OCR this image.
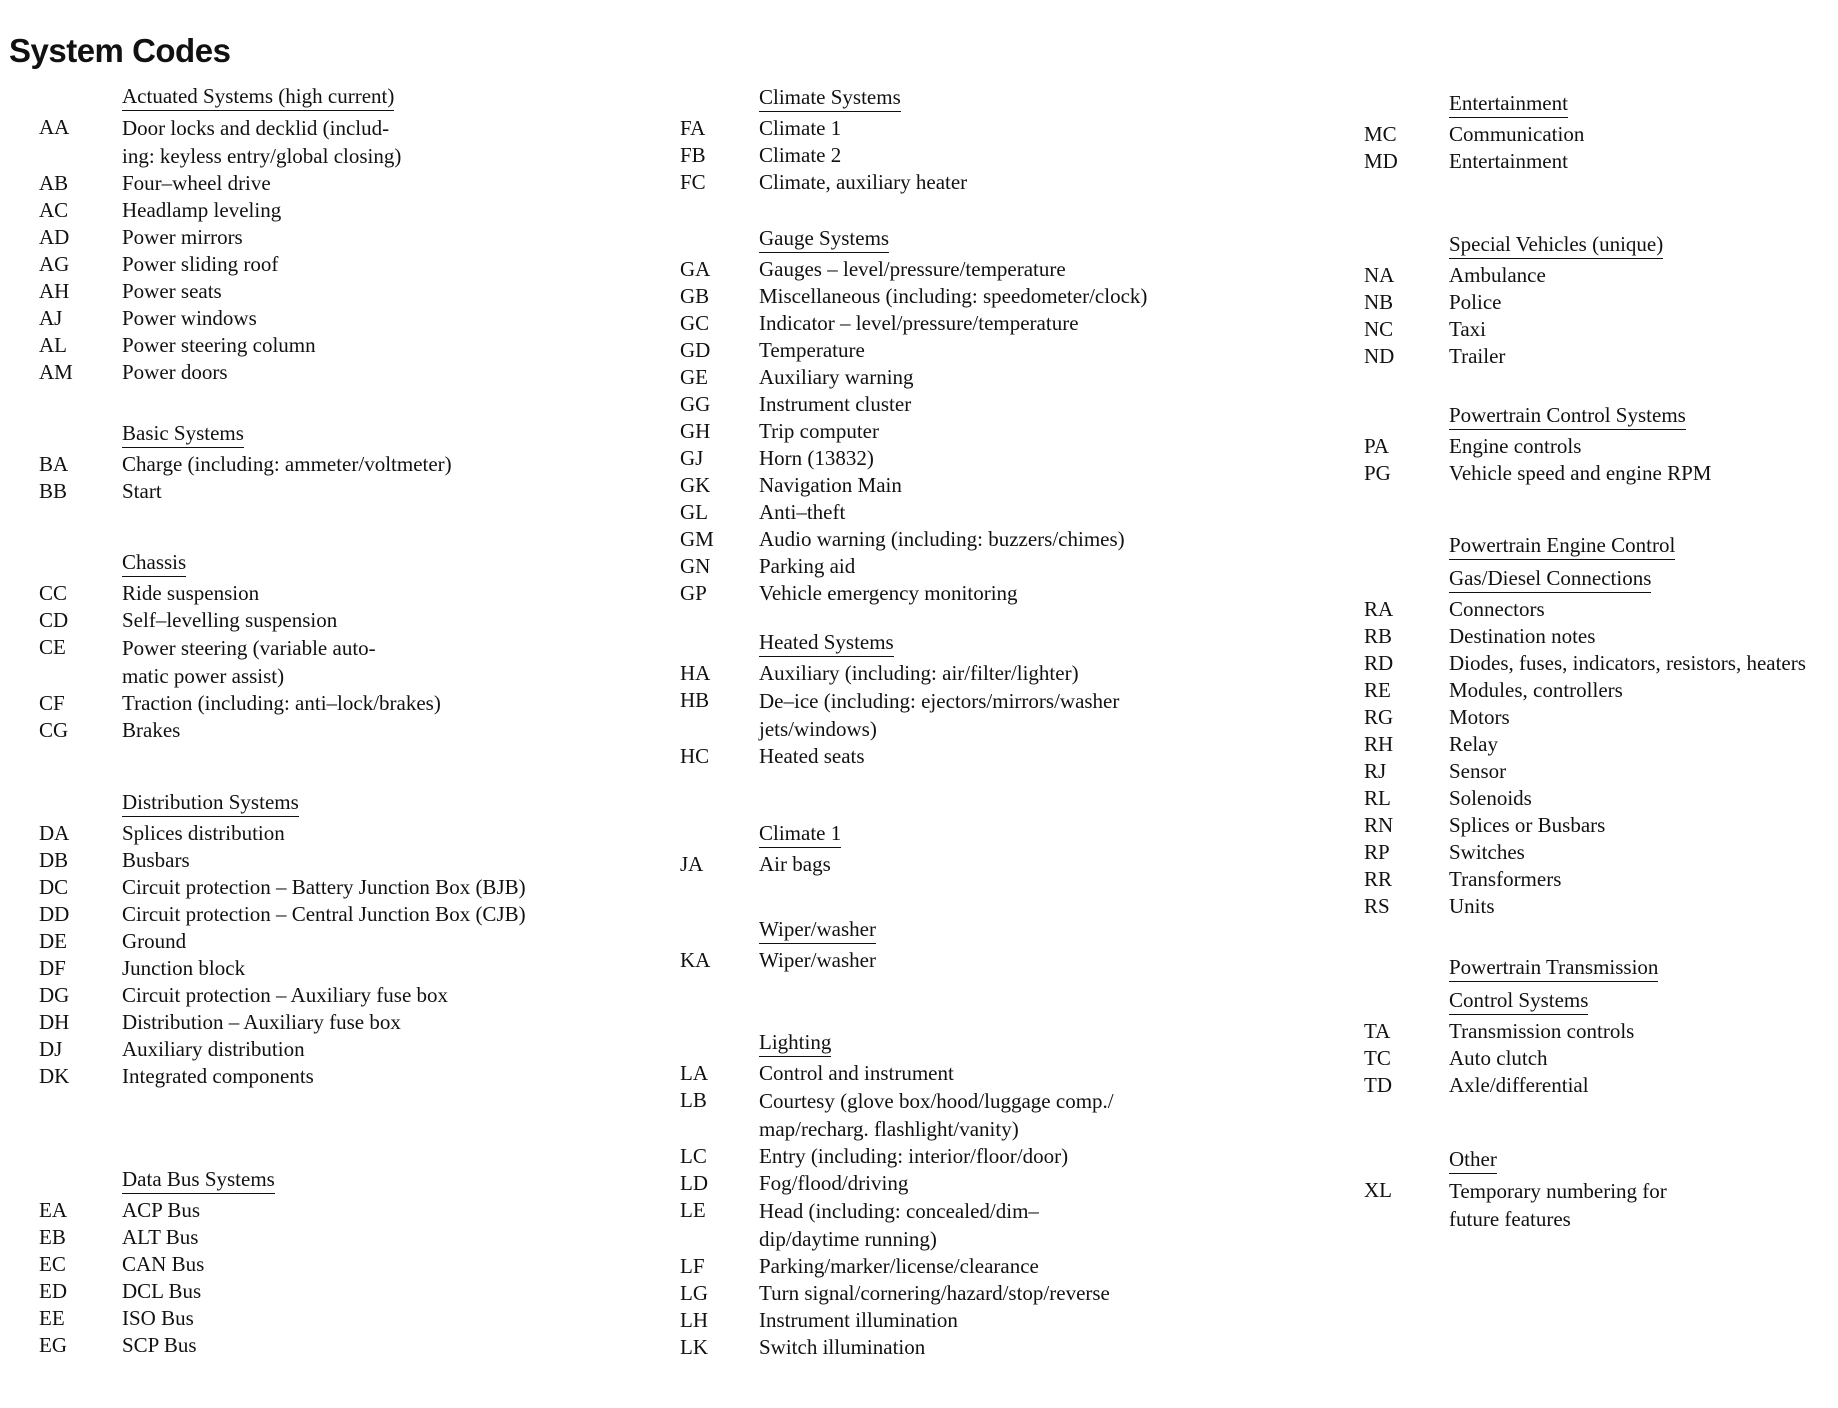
System Codes
Actuated Systems (high current)
AA	Door locks and decklid (includ-
ing: keyless entry/global closing)
AB	Four–wheel drive
AC	Headlamp leveling
AD	Power mirrors
AG	Power sliding roof
AH	Power seats
AJ	Power windows
AL	Power steering column
AM	Power doors
Basic Systems
BA	Charge (including: ammeter/voltmeter)
BB	Start
Chassis
CC	Ride suspension
CD	Self–levelling suspension
CE	Power steering (variable auto-
matic power assist)
CF	Traction (including: anti–lock/brakes)
CG	Brakes
Distribution Systems
DA	Splices distribution
DB	Busbars
DC	Circuit protection – Battery Junction Box (BJB)
DD	Circuit protection – Central Junction Box (CJB)
DE	Ground
DF	Junction block
DG	Circuit protection – Auxiliary fuse box
DH	Distribution – Auxiliary fuse box
DJ	Auxiliary distribution
DK	Integrated components
Data Bus Systems
EA	ACP Bus
EB	ALT Bus
EC	CAN Bus
ED	DCL Bus
EE	ISO Bus
EG	SCP Bus
Climate Systems
FA	Climate 1
FB	Climate 2
FC	Climate, auxiliary heater
Gauge Systems
GA	Gauges – level/pressure/temperature
GB	Miscellaneous (including: speedometer/clock)
GC	Indicator – level/pressure/temperature
GD	Temperature
GE	Auxiliary warning
GG	Instrument cluster
GH	Trip computer
GJ	Horn (13832)
GK	Navigation Main
GL	Anti–theft
GM	Audio warning (including: buzzers/chimes)
GN	Parking aid
GP	Vehicle emergency monitoring
Heated Systems
HA	Auxiliary (including: air/filter/lighter)
HB	De–ice (including: ejectors/mirrors/washer
jets/windows)
HC	Heated seats
Climate 1
JA	Air bags
Wiper/washer
KA	Wiper/washer
Lighting
LA	Control and instrument
LB	Courtesy (glove box/hood/luggage comp./
map/recharg. flashlight/vanity)
LC	Entry (including: interior/floor/door)
LD	Fog/flood/driving
LE	Head (including: concealed/dim–
dip/daytime running)
LF	Parking/marker/license/clearance
LG	Turn signal/cornering/hazard/stop/reverse
LH	Instrument illumination
LK	Switch illumination
Entertainment
MC	Communication
MD	Entertainment
Special Vehicles (unique)
NA	Ambulance
NB	Police
NC	Taxi
ND	Trailer
Powertrain Control Systems
PA	Engine controls
PG	Vehicle speed and engine RPM
Powertrain Engine Control
Gas/Diesel Connections
RA	Connectors
RB	Destination notes
RD	Diodes, fuses, indicators, resistors, heaters
RE	Modules, controllers
RG	Motors
RH	Relay
RJ	Sensor
RL	Solenoids
RN	Splices or Busbars
RP	Switches
RR	Transformers
RS	Units
Powertrain Transmission
Control Systems
TA	Transmission controls
TC	Auto clutch
TD	Axle/differential
Other
XL	Temporary numbering for
future features
